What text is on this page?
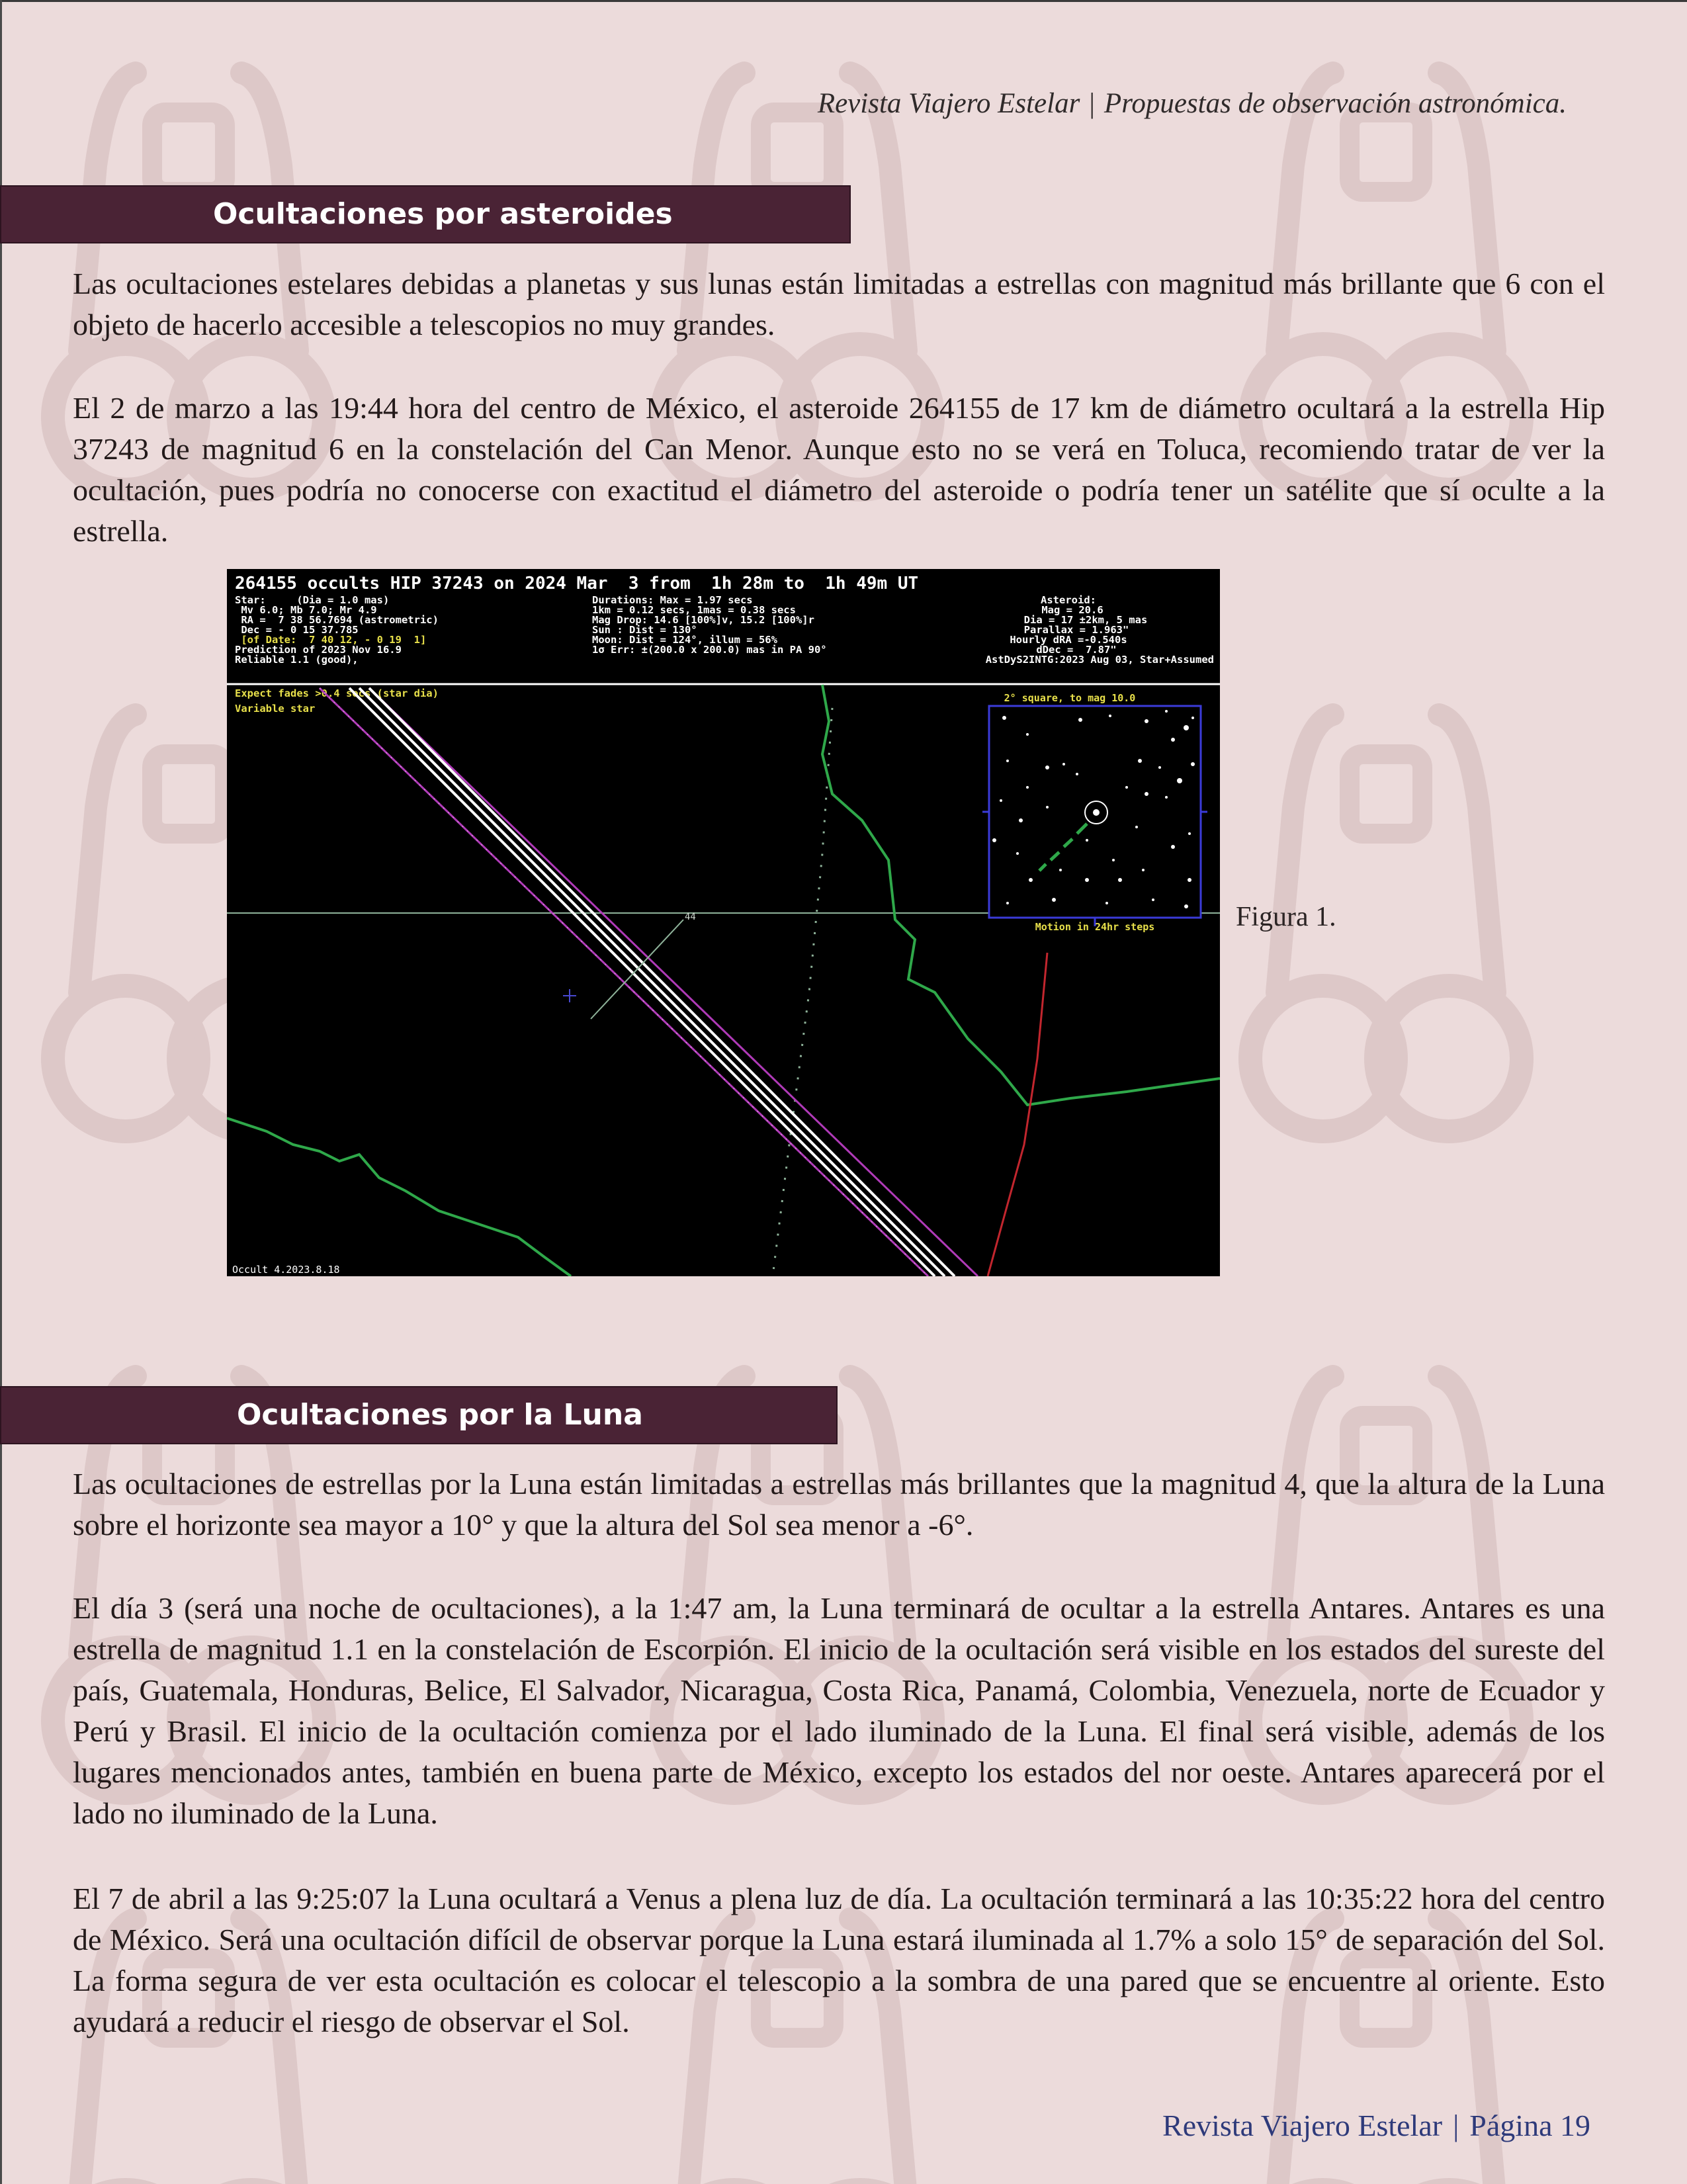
Revista Viajero Estelar | Propuestas de observación astronómica.
Ocultaciones por asteroides

Las ocultaciones estelares debidas a planetas y sus lunas están limitadas a estrellas con magnitud más brillante que 6 con el objeto de hacerlo accesible a telescopios no muy grandes.

El 2 de marzo a las 19:44 hora del centro de México, el asteroide 264155 de 17 km de diámetro ocultará a la estrella Hip 37243 de magnitud 6 en la constelación del Can Menor. Aunque esto no se verá en Toluca, recomiendo tratar de ver la ocultación, pues podría no conocerse con exactitud el diámetro del asteroide o podría tener un satélite que sí oculte a la estrella.

264155 occults HIP 37243 on 2024 Mar  3 from  1h 28m to  1h 49m UT
Star:     (Dia = 1.0 mas)
Mv 6.0; Mb 7.0; Mr 4.9
RA =  7 38 56.7694 (astrometric)
Dec = - 0 15 37.785
[of Date:  7 40 12, - 0 19  1]
Prediction of 2023 Nov 16.9
Reliable 1.1 (good),
Durations: Max = 1.97 secs
1km = 0.12 secs, 1mas = 0.38 secs
Mag Drop: 14.6 [100%]v, 15.2 [100%]r
Sun : Dist = 130°
Moon: Dist = 124°, illum = 56%
1σ Err: ±(200.0 x 200.0) mas in PA 90°
Asteroid:
Mag = 20.6
Dia = 17 ±2km, 5 mas
Parallax = 1.963"
Hourly dRA =-0.540s
dDec =  7.87"
AstDyS2INTG:2023 Aug 03, Star+Assumed
Expect fades >0.4 secs (star dia)
Variable star
44
2° square, to mag 10.0
Motion in 24hr steps
Occult 4.2023.8.18
Figura 1.
Ocultaciones por la Luna

Las ocultaciones de estrellas por la Luna están limitadas a estrellas más brillantes que la magnitud 4, que la altura de la Luna sobre el horizonte sea mayor a 10° y que la altura del Sol sea menor a -6°.

El día 3 (será una noche de ocultaciones), a la 1:47 am, la Luna terminará de ocultar a la estrella Antares. Antares es una estrella de magnitud 1.1 en la constelación de Escorpión. El inicio de la ocultación será visible en los estados del sureste del país, Guatemala, Honduras, Belice, El Salvador, Nicaragua, Costa Rica, Panamá, Colombia, Venezuela, norte de Ecuador y Perú y Brasil. El inicio de la ocultación comienza por el lado iluminado de la Luna. El final será visible, además de los lugares mencionados antes, también en buena parte de México, excepto los estados del nor oeste. Antares aparecerá por el lado no iluminado de la Luna.

El 7 de abril a las 9:25:07 la Luna ocultará a Venus a plena luz de día. La ocultación terminará a las 10:35:22 hora del centro de México. Será una ocultación difícil de observar porque la Luna estará iluminada al 1.7% a solo 15° de separación del Sol. La forma segura de ver esta ocultación es colocar el telescopio a la sombra de una pared que se encuentre al oriente. Esto ayudará a reducir el riesgo de observar el Sol.

Revista Viajero Estelar | Página 19
